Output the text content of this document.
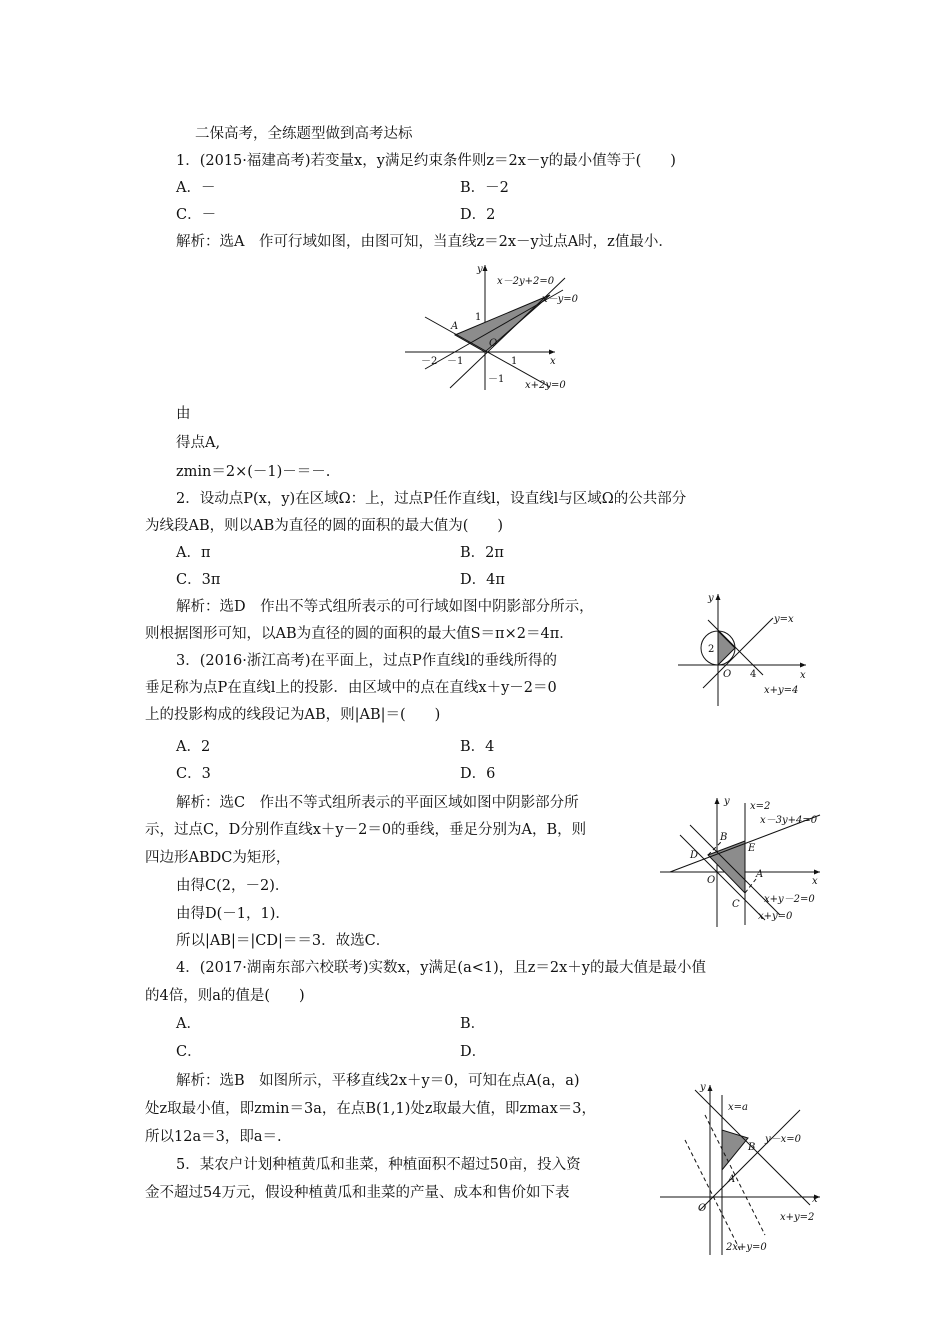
二保高考，全练题型做到高考达标
1．(2015·福建高考)若变量x，y满足约束条件则z＝2x－y的最小值等于(　　)
A．－	B．－2
C．－	D．2
解析：选A　作可行域如图，由图可知，当直线z＝2x－y过点A时，z值最小．
x－2y+2=0
x－y=0
x+2y=0
A
O
x
y
－2 －1	1
1
－1
由
得点A,
zmin＝2×(－1)－＝－.
2．设动点P(x，y)在区域Ω：上，过点P任作直线l，设直线l与区域Ω的公共部分
为线段AB，则以AB为直径的圆的面积的最大值为(　　)
A．π	B．2π
C．3π	D．4π
解析：选D　作出不等式组所表示的可行域如图中阴影部分所示，
则根据图形可知，以AB为直径的圆的面积的最大值S＝π×2＝4π．
y=x
x+y=4
2
4
O	x
y
3．(2016·浙江高考)在平面上，过点P作直线l的垂线所得的
垂足称为点P在直线l上的投影．由区域中的点在直线x＋y－2＝0
上的投影构成的线段记为AB，则|AB|＝(　　)
A．2	B．4
C．3	D．6
解析：选C　作出不等式组所表示的平面区域如图中阴影部分所
示，过点C，D分别作直线x＋y－2＝0的垂线，垂足分别为A，B，则
四边形ABDC为矩形，
由得C(2，－2)．
由得D(－1，1)．
所以|AB|＝|CD|＝＝3．故选C．
y x=2
x－3y+4=0
B
E
D
O
A
x
C x+y－2=0
x+y=0
4．(2017·湖南东部六校联考)实数x，y满足(a<1)，且z＝2x＋y的最大值是最小值
的4倍，则a的值是(　　)
A．	B．
C．	D．
解析：选B　如图所示，平移直线2x＋y＝0，可知在点A(a，a)
处z取最小值，即zmin＝3a，在点B(1,1)处z取最大值，即zmax＝3，
所以12a＝3，即a＝.
5．某农户计划种植黄瓜和韭菜，种植面积不超过50亩，投入资
金不超过54万元，假设种植黄瓜和韭菜的产量、成本和售价如下表
y
x=a
y－x=0
B
A
O
x
x+y=2
2x+y=0
